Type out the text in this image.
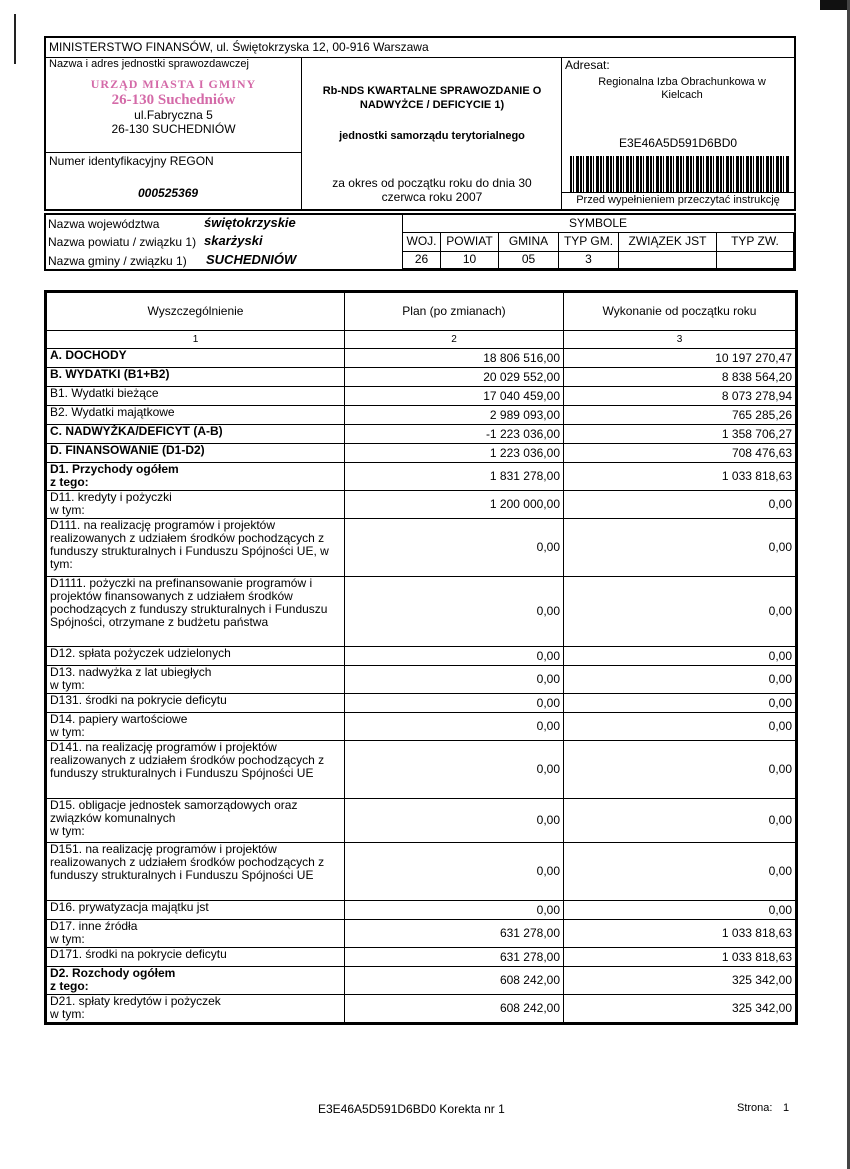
MINISTERSTWO FINANSÓW, ul. Świętokrzyska 12, 00-916 Warszawa
Nazwa i adres jednostki sprawozdawczej
URZĄD MIASTA I GMINY
26-130 Suchedniów
ul.Fabryczna 5
26-130 SUCHEDNIÓW
Numer identyfikacyjny REGON
000525369
Rb-NDS KWARTALNE SPRAWOZDANIE O NADWYŻCE / DEFICYCIE 1)
jednostki samorządu terytorialnego
za okres od początku roku do dnia 30 czerwca roku 2007
Adresat:
Regionalna Izba Obrachunkowa w Kielcach
E3E46A5D591D6BD0
Przed wypełnieniem przeczytać instrukcję
Nazwa województwa	świętokrzyskie
Nazwa powiatu / związku 1) skarżyski
Nazwa gminy / związku 1) SUCHEDNIÓW
SYMBOLE
WOJ.	POWIAT	GMINA	TYP GM.	ZWIĄZEK JST	TYP ZW.
26	10	05	3		
Wyszczególnienie	Plan (po zmianach)	Wykonanie od początku roku
1	2	3
A. DOCHODY	18 806 516,00	10 197 270,47
B. WYDATKI (B1+B2)	20 029 552,00	8 838 564,20
B1. Wydatki bieżące	17 040 459,00	8 073 278,94
B2. Wydatki majątkowe	2 989 093,00	765 285,26
C. NADWYŻKA/DEFICYT (A-B)	-1 223 036,00	1 358 706,27
D. FINANSOWANIE (D1-D2)	1 223 036,00	708 476,63
D1. Przychody ogółem
z tego:	1 831 278,00	1 033 818,63
D11. kredyty i pożyczki
w tym:	1 200 000,00	0,00
D111. na realizację programów i projektów realizowanych z udziałem środków pochodzących z funduszy strukturalnych i Funduszu Spójności UE, w tym:	0,00	0,00
D1111. pożyczki na prefinansowanie programów i projektów finansowanych z udziałem środków pochodzących z funduszy strukturalnych i Funduszu Spójności, otrzymane z budżetu państwa	0,00	0,00
D12. spłata pożyczek udzielonych	0,00	0,00
D13. nadwyżka z lat ubiegłych
w tym:	0,00	0,00
D131. środki na pokrycie deficytu	0,00	0,00
D14. papiery wartościowe
w tym:	0,00	0,00
D141. na realizację programów i projektów realizowanych z udziałem środków pochodzących z funduszy strukturalnych i Funduszu Spójności UE	0,00	0,00
D15. obligacje jednostek samorządowych oraz związków komunalnych
w tym:	0,00	0,00
D151. na realizację programów i projektów realizowanych z udziałem środków pochodzących z funduszy strukturalnych i Funduszu Spójności UE	0,00	0,00
D16. prywatyzacja majątku jst	0,00	0,00
D17. inne źródła
w tym:	631 278,00	1 033 818,63
D171. środki na pokrycie deficytu	631 278,00	1 033 818,63
D2. Rozchody ogółem
z tego:	608 242,00	325 342,00
D21. spłaty kredytów i pożyczek
w tym:	608 242,00	325 342,00
E3E46A5D591D6BD0 Korekta nr 1	Strona: 1
